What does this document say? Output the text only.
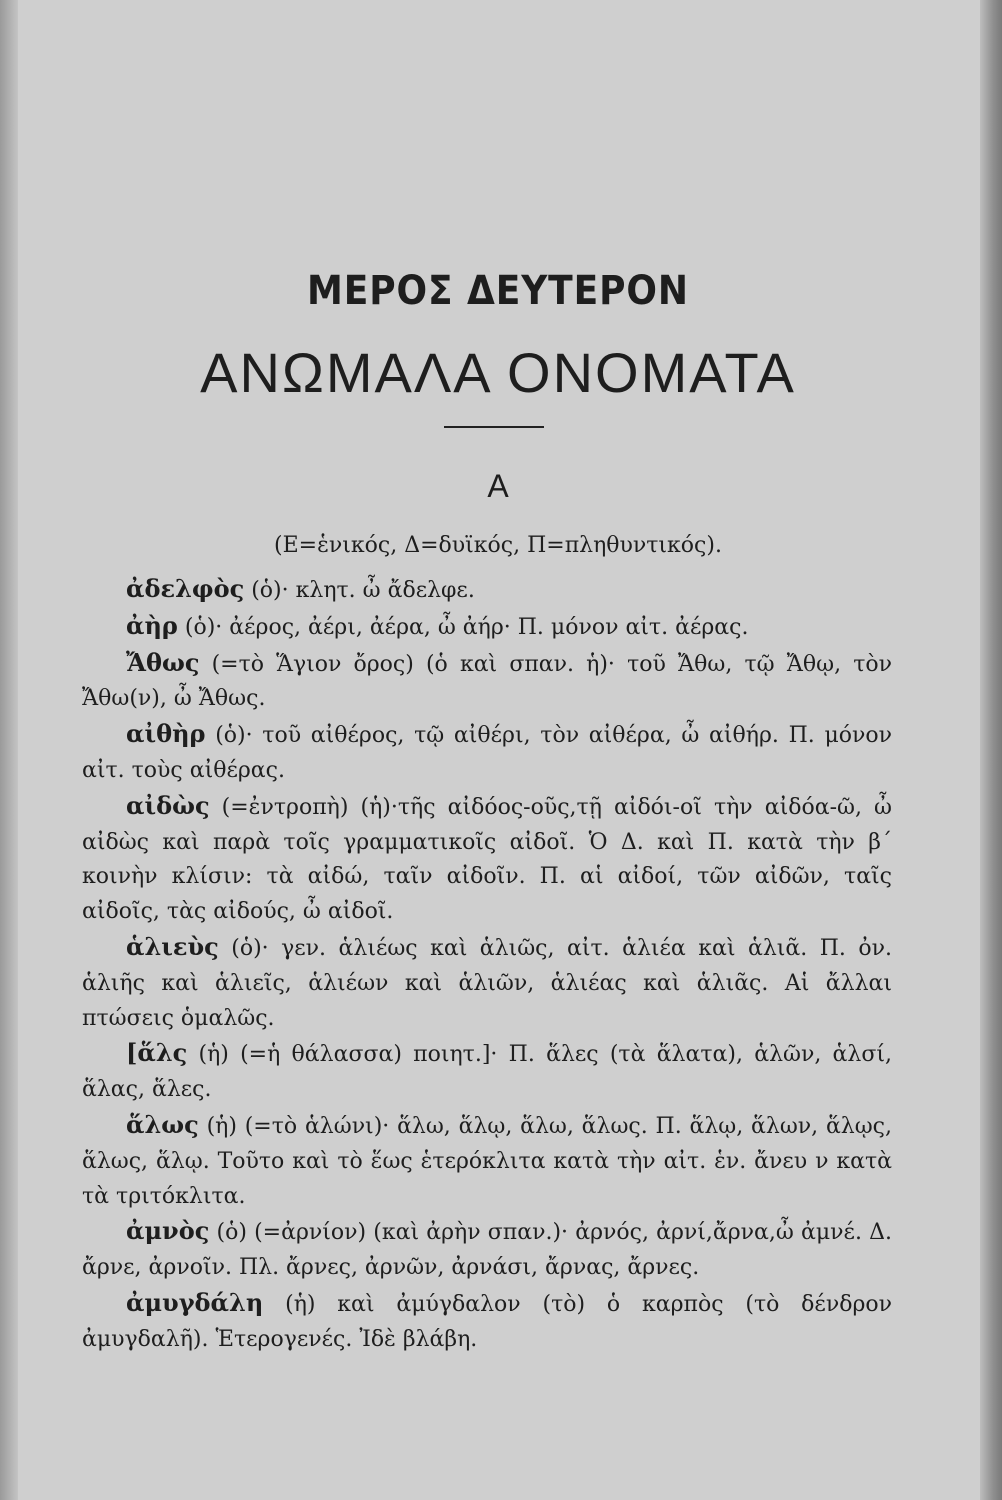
ΜΕΡΟΣ ΔΕΥΤΕΡΟΝ
ΑΝΩΜΑΛΑ ΟΝΟΜΑΤΑ
Α
(Ε=ἑνικός, Δ=δυϊκός, Π=πληθυντικός).

ἀδελφὸς (ὁ)· κλητ. ὦ ἄδελφε.

ἀὴρ (ὁ)· ἀέρος, ἀέρι, ἀέρα, ὦ ἀήρ· Π. μόνον αἰτ. ἀέρας.

Ἄθως (=τὸ Ἅγιον ὄρος) (ὁ καὶ σπαν. ἡ)· τοῦ Ἄθω, τῷ Ἄθῳ, τὸν Ἄθω(ν), ὦ Ἄθως.

αἰθὴρ (ὁ)· τοῦ αἰθέρος, τῷ αἰθέρι, τὸν αἰθέρα, ὦ αἰθήρ. Π. μόνον αἰτ. τοὺς αἰθέρας.

αἰδὼς (=ἐντροπὴ) (ἡ)·τῆς αἰδόος-οῦς,τῇ αἰδόι-οῖ τὴν αἰδόα-ῶ, ὦ αἰδὼς καὶ παρὰ τοῖς γραμματικοῖς αἰδοῖ. Ὁ Δ. καὶ Π. κατὰ τὴν β΄ κοινὴν κλίσιν: τὰ αἰδώ, ταῖν αἰδοῖν. Π. αἱ αἰδοί, τῶν αἰδῶν, ταῖς αἰδοῖς, τὰς αἰδούς, ὦ αἰδοῖ.

ἁλιεὺς (ὁ)· γεν. ἁλιέως καὶ ἁλιῶς, αἰτ. ἁλιέα καὶ ἁλιᾶ. Π. ὀν. ἁλιῆς καὶ ἁλιεῖς, ἁλιέων καὶ ἁλιῶν, ἁλιέας καὶ ἁλιᾶς. Αἱ ἄλλαι πτώσεις ὁμαλῶς.

[ἅλς (ἡ) (=ἡ θάλασσα) ποιητ.]· Π. ἅλες (τὰ ἅλατα), ἁλῶν, ἁλσί, ἅλας, ἅλες.

ἅλως (ἡ) (=τὸ ἁλώνι)· ἅλω, ἅλῳ, ἅλω, ἅλως. Π. ἅλῳ, ἅλων, ἅλῳς, ἅλως, ἅλῳ. Τοῦτο καὶ τὸ ἕως ἑτερόκλιτα κατὰ τὴν αἰτ. ἑν. ἄνευ ν κατὰ τὰ τριτόκλιτα.

ἀμνὸς (ὁ) (=ἀρνίον) (καὶ ἀρὴν σπαν.)· ἀρνός, ἀρνί,ἄρνα,ὦ ἀμνέ. Δ. ἄρνε, ἀρνοῖν. Πλ. ἄρνες, ἀρνῶν, ἀρνάσι, ἄρνας, ἄρνες.

ἀμυγδάλη (ἡ) καὶ ἀμύγδαλον (τὸ) ὁ καρπὸς (τὸ δένδρον ἀμυγδαλῆ). Ἑτερογενές. Ἰδὲ βλάβη.
